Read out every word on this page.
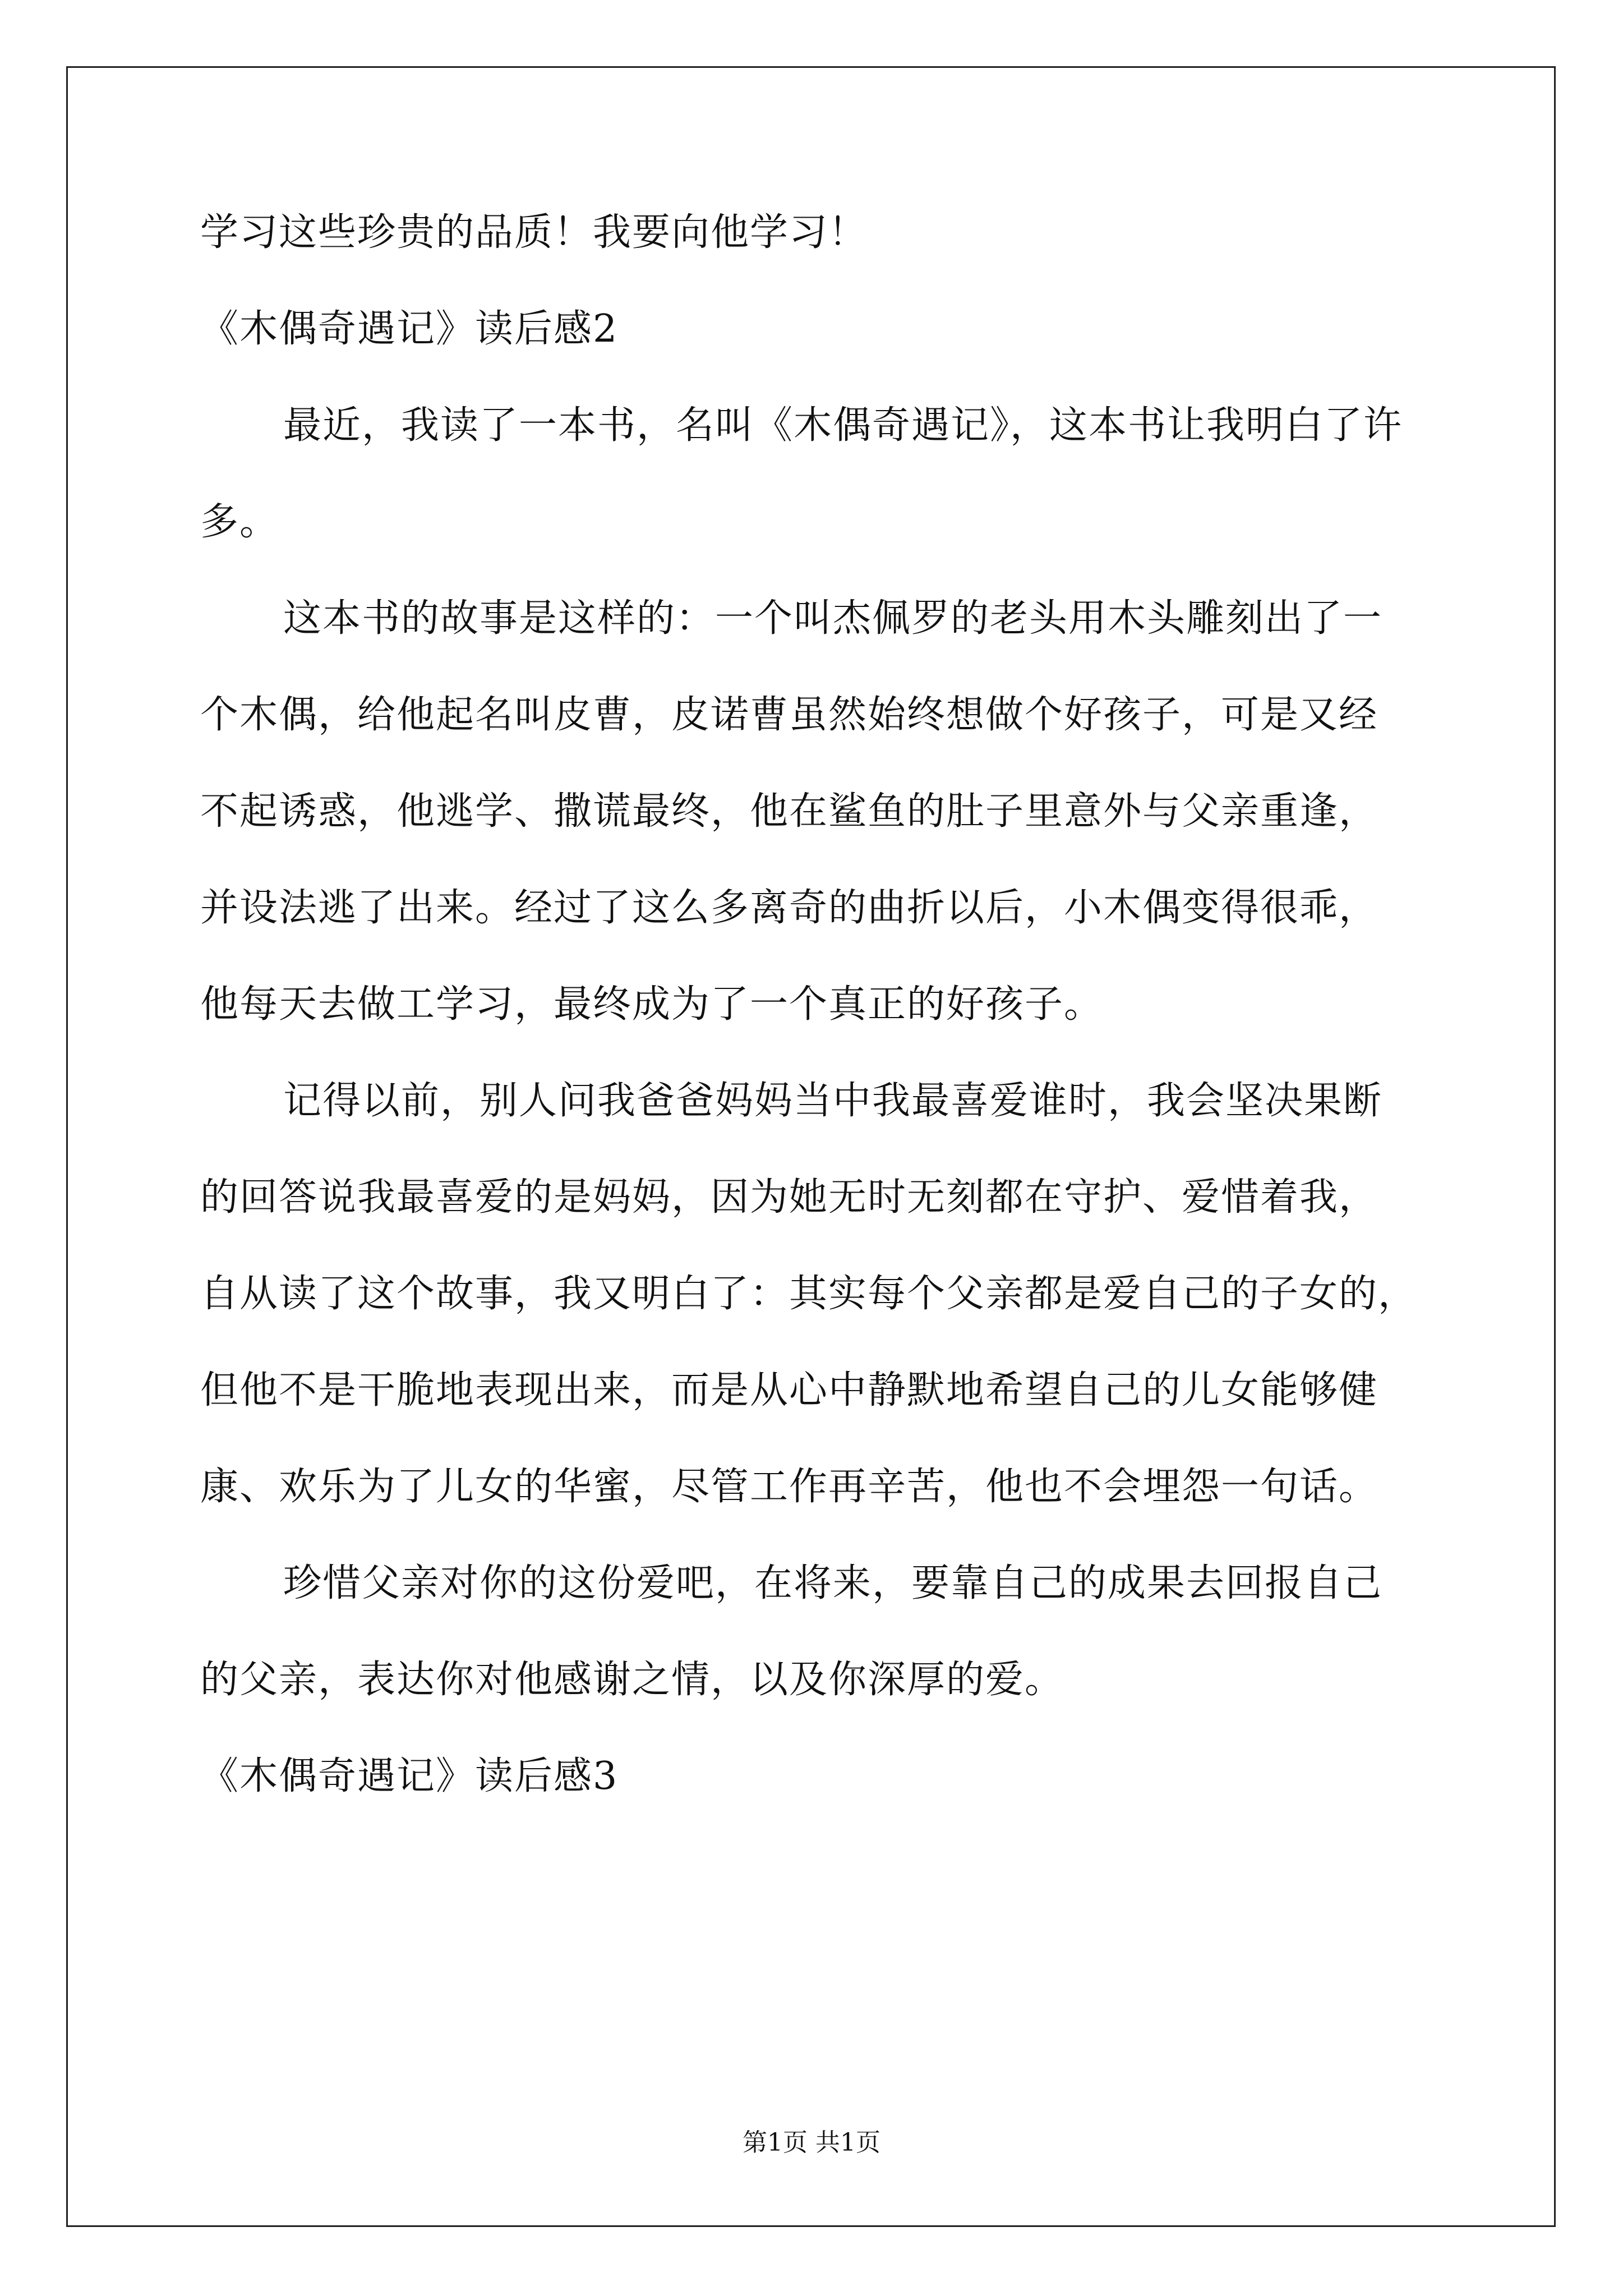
学习这些珍贵的品质！我要向他学习！
《木偶奇遇记》读后感2
最近，我读了一本书，名叫《木偶奇遇记》，这本书让我明白了许
多。
这本书的故事是这样的：一个叫杰佩罗的老头用木头雕刻出了一
个木偶，给他起名叫皮曹，皮诺曹虽然始终想做个好孩子，可是又经
不起诱惑，他逃学、撒谎最终，他在鲨鱼的肚子里意外与父亲重逢，
并设法逃了出来。经过了这么多离奇的曲折以后，小木偶变得很乖，
他每天去做工学习，最终成为了一个真正的好孩子。
记得以前，别人问我爸爸妈妈当中我最喜爱谁时，我会坚决果断
的回答说我最喜爱的是妈妈，因为她无时无刻都在守护、爱惜着我，
自从读了这个故事，我又明白了：其实每个父亲都是爱自己的子女的，
但他不是干脆地表现出来，而是从心中静默地希望自己的儿女能够健
康、欢乐为了儿女的华蜜，尽管工作再辛苦，他也不会埋怨一句话。
珍惜父亲对你的这份爱吧，在将来，要靠自己的成果去回报自己
的父亲，表达你对他感谢之情，以及你深厚的爱。
《木偶奇遇记》读后感3
第1页 共1页
